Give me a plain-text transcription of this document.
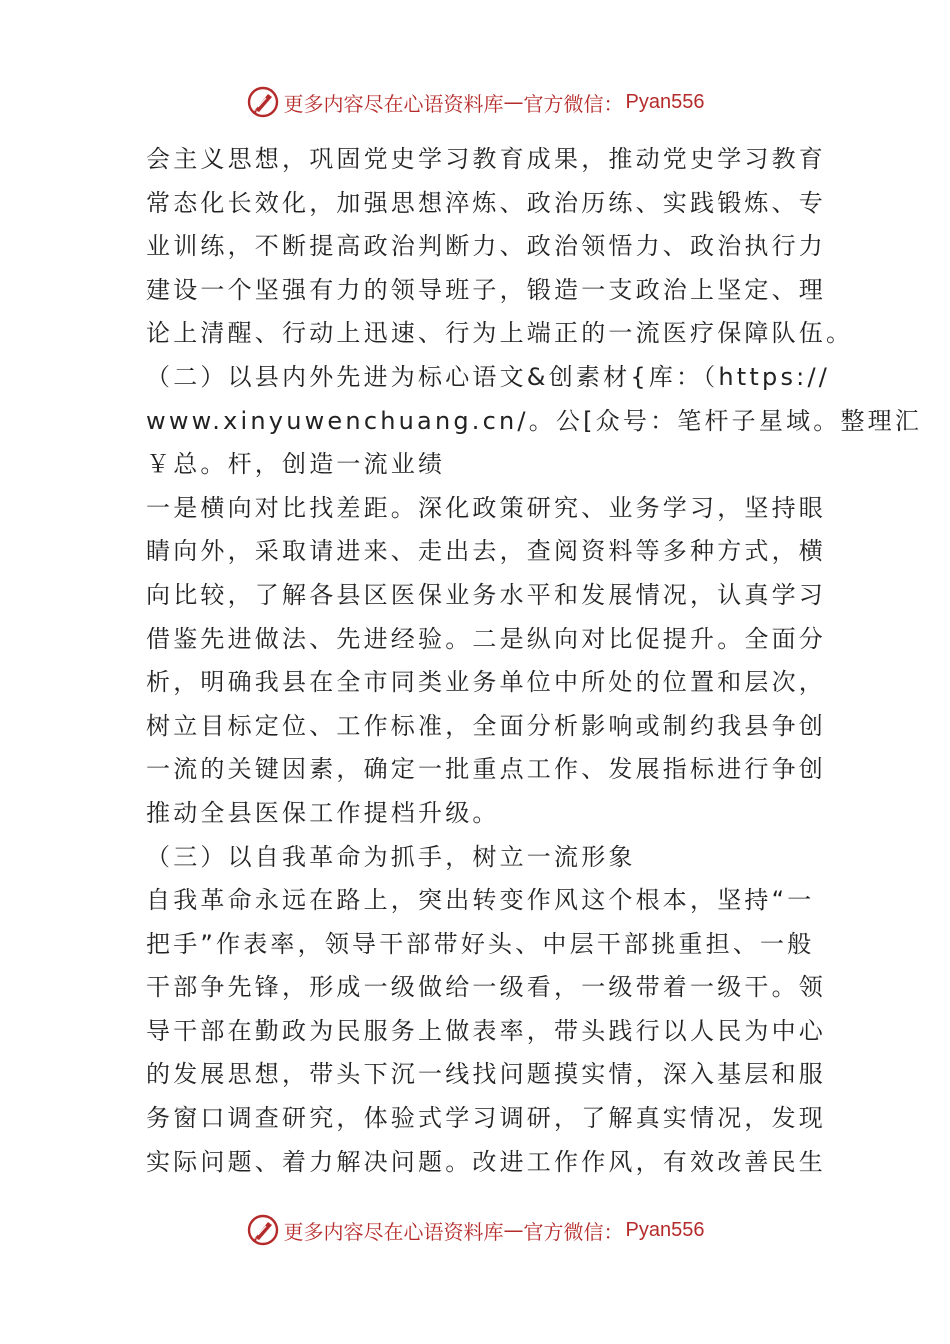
更多内容尽在心语资料库 — 官方微信： Pyan556
会主义思想，巩固党史学习教育成果，推动党史学习教育
常态化长效化，加强思想淬炼、政治历练、实践锻炼、专
业训练，不断提高政治判断力、政治领悟力、政治执行力
建设一个坚强有力的领导班子，锻造一支政治上坚定、理
论上清醒、行动上迅速、行为上端正的一流医疗保障队伍。
（二）以县内外先进为标心语文&创素材{库：（https://
www.xinyuwenchuang.cn/。公[众号：笔杆子星域。整理汇
￥总。杆，创造一流业绩
一是横向对比找差距。深化政策研究、业务学习，坚持眼
睛向外，采取请进来、走出去，查阅资料等多种方式，横
向比较，了解各县区医保业务水平和发展情况，认真学习
借鉴先进做法、先进经验。二是纵向对比促提升。全面分
析，明确我县在全市同类业务单位中所处的位置和层次，
树立目标定位、工作标准，全面分析影响或制约我县争创
一流的关键因素，确定一批重点工作、发展指标进行争创
推动全县医保工作提档升级。
（三）以自我革命为抓手，树立一流形象
自我革命永远在路上，突出转变作风这个根本，坚持“一
把手”作表率，领导干部带好头、中层干部挑重担、一般
干部争先锋，形成一级做给一级看，一级带着一级干。领
导干部在勤政为民服务上做表率，带头践行以人民为中心
的发展思想，带头下沉一线找问题摸实情，深入基层和服
务窗口调查研究，体验式学习调研，了解真实情况，发现
实际问题、着力解决问题。改进工作作风，有效改善民生
更多内容尽在心语资料库 — 官方微信： Pyan556
